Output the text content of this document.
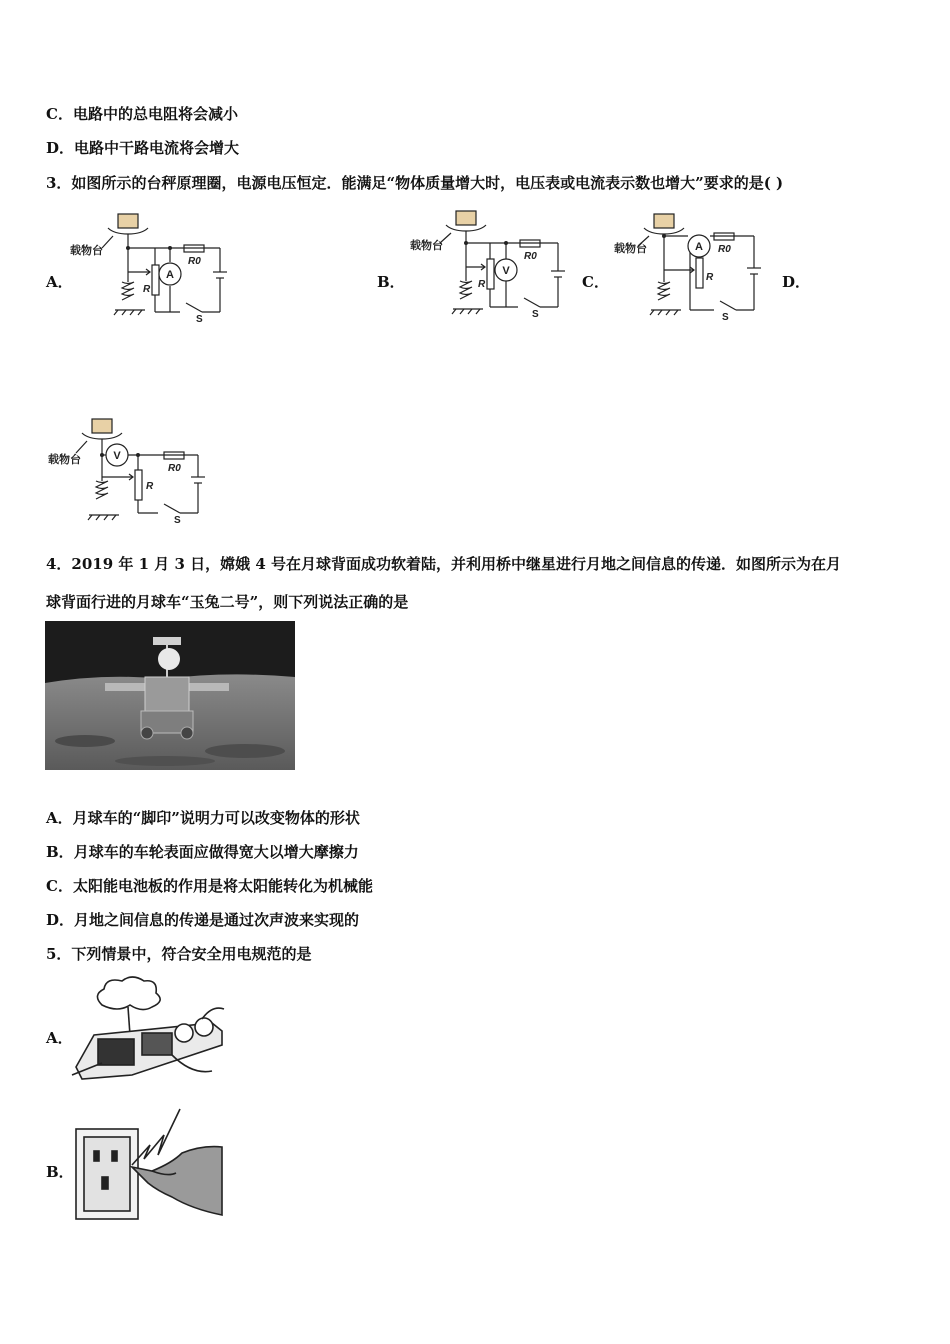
C．电路中的总电阻将会减小
D．电路中干路电流将会增大
3．如图所示的台秤原理圈，电源电压恒定．能满足“物体质量增大时，电压表或电流表示数也增大”要求的是( )
A．	B．	C．	D．
A
载物台
R0
R
S
V
载物台
R0
R
S
A
载物台	R0
R
S
V
载物台
R0
R
S
4．2019 年 1 月 3 日，嫦娥 4 号在月球背面成功软着陆，并利用桥中继星进行月地之间信息的传递．如图所示为在月
球背面行进的月球车“玉兔二号”，则下列说法正确的是
A．月球车的“脚印”说明力可以改变物体的形状
B．月球车的车轮表面应做得宽大以增大摩擦力
C．太阳能电池板的作用是将太阳能转化为机械能
D．月地之间信息的传递是通过次声波来实现的
5．下列情景中，符合安全用电规范的是
A．
B．
